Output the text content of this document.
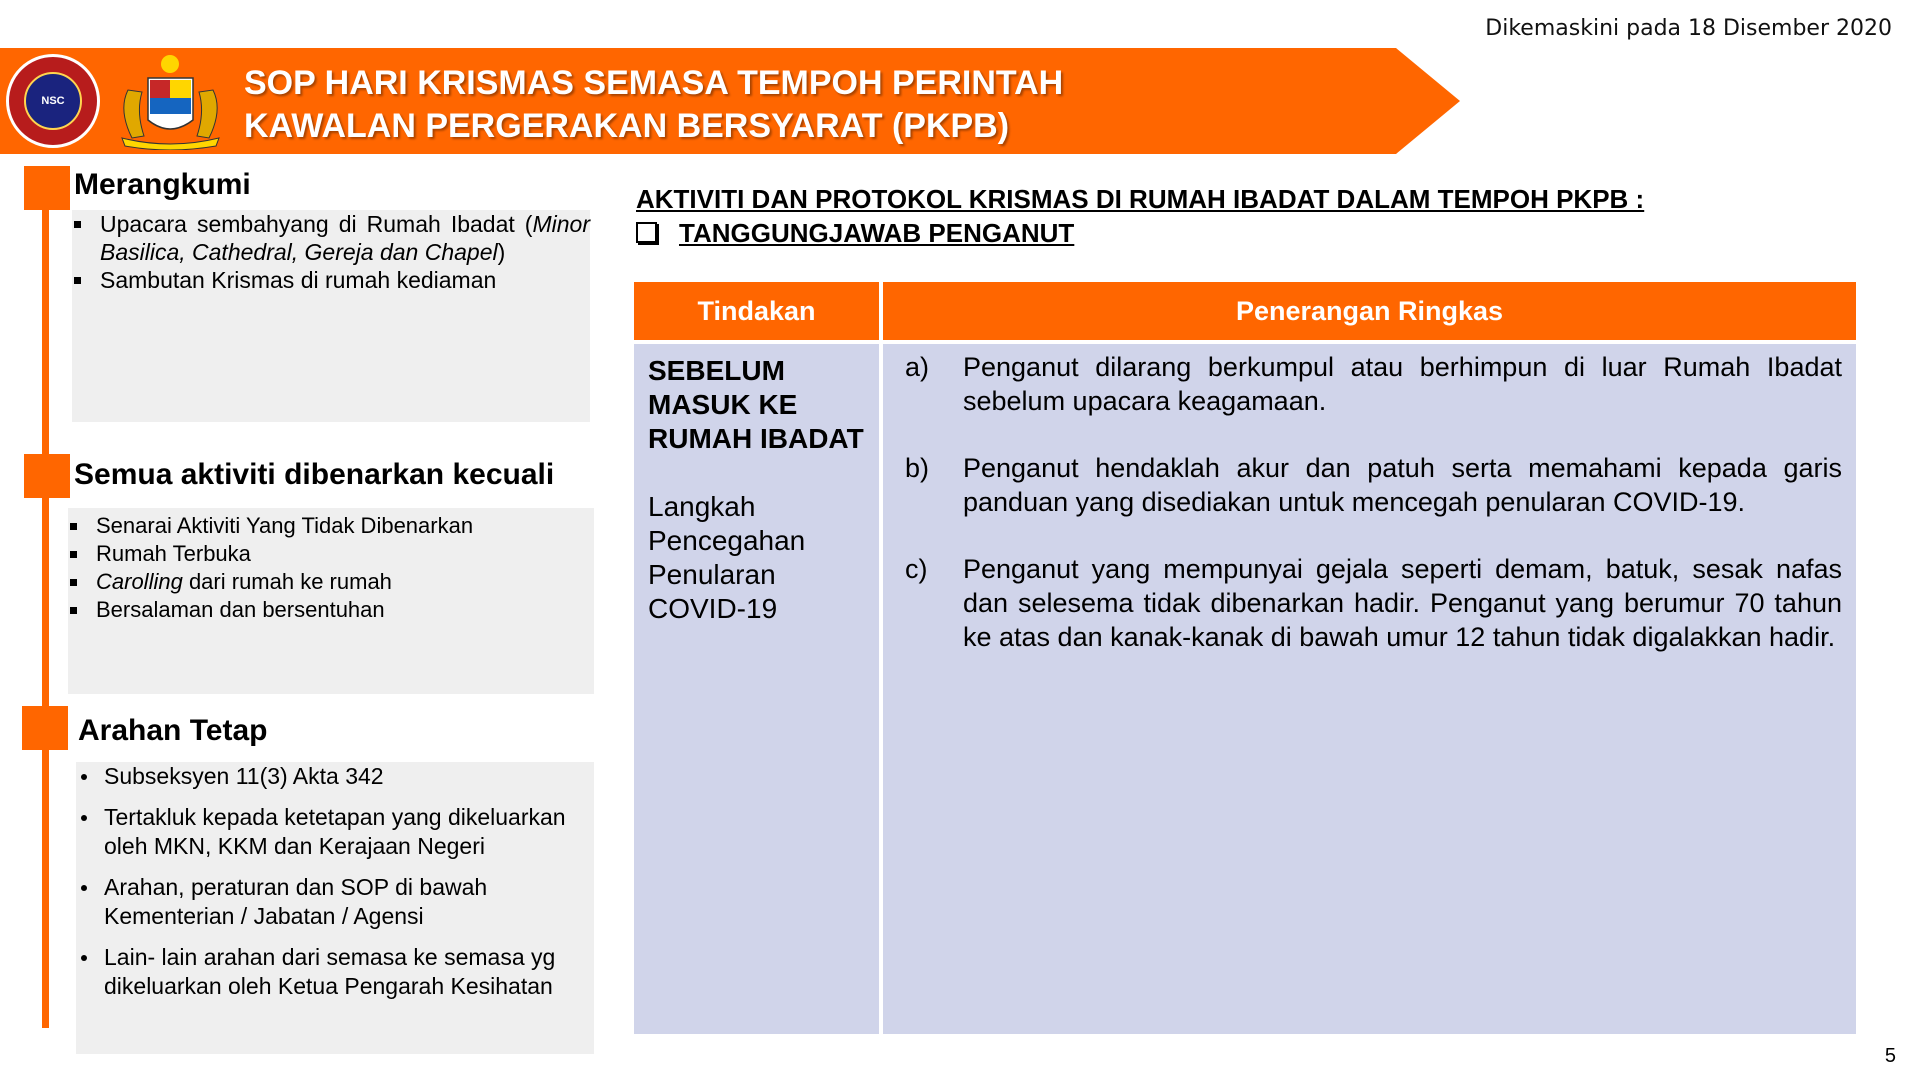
Dikemaskini pada 18 Disember 2020
NSC	SOP HARI KRISMAS SEMASA TEMPOH PERINTAH
KAWALAN PERGERAKAN BERSYARAT (PKPB)
Merangkumi
Upacara sembahyang di Rumah Ibadat (Minor Basilica, Cathedral, Gereja dan Chapel)
Sambutan Krismas di rumah kediaman
Semua aktiviti dibenarkan kecuali
Senarai Aktiviti Yang Tidak Dibenarkan
Rumah Terbuka
Carolling dari rumah ke rumah
Bersalaman dan bersentuhan
Arahan Tetap
Subseksyen 11(3) Akta 342
Tertakluk kepada ketetapan yang dikeluarkan oleh MKN, KKM dan Kerajaan Negeri
Arahan, peraturan dan SOP di bawah Kementerian / Jabatan / Agensi
Lain- lain arahan dari semasa ke semasa yg dikeluarkan oleh Ketua Pengarah Kesihatan
AKTIVITI DAN PROTOKOL KRISMAS DI RUMAH IBADAT DALAM TEMPOH PKPB :
TANGGUNGJAWAB PENGANUT
Tindakan	Penerangan Ringkas
SEBELUM MASUK KE RUMAH IBADAT
Langkah Pencegahan Penularan COVID-19
a)	Penganut dilarang berkumpul atau berhimpun di luar Rumah Ibadat sebelum upacara keagamaan.
b)	Penganut hendaklah akur dan patuh serta memahami kepada garis panduan yang disediakan untuk mencegah penularan COVID-19.
c)	Penganut yang mempunyai gejala seperti demam, batuk, sesak nafas dan selesema tidak dibenarkan hadir. Penganut yang berumur 70 tahun ke atas dan kanak-kanak di bawah umur 12 tahun tidak digalakkan hadir.
5
